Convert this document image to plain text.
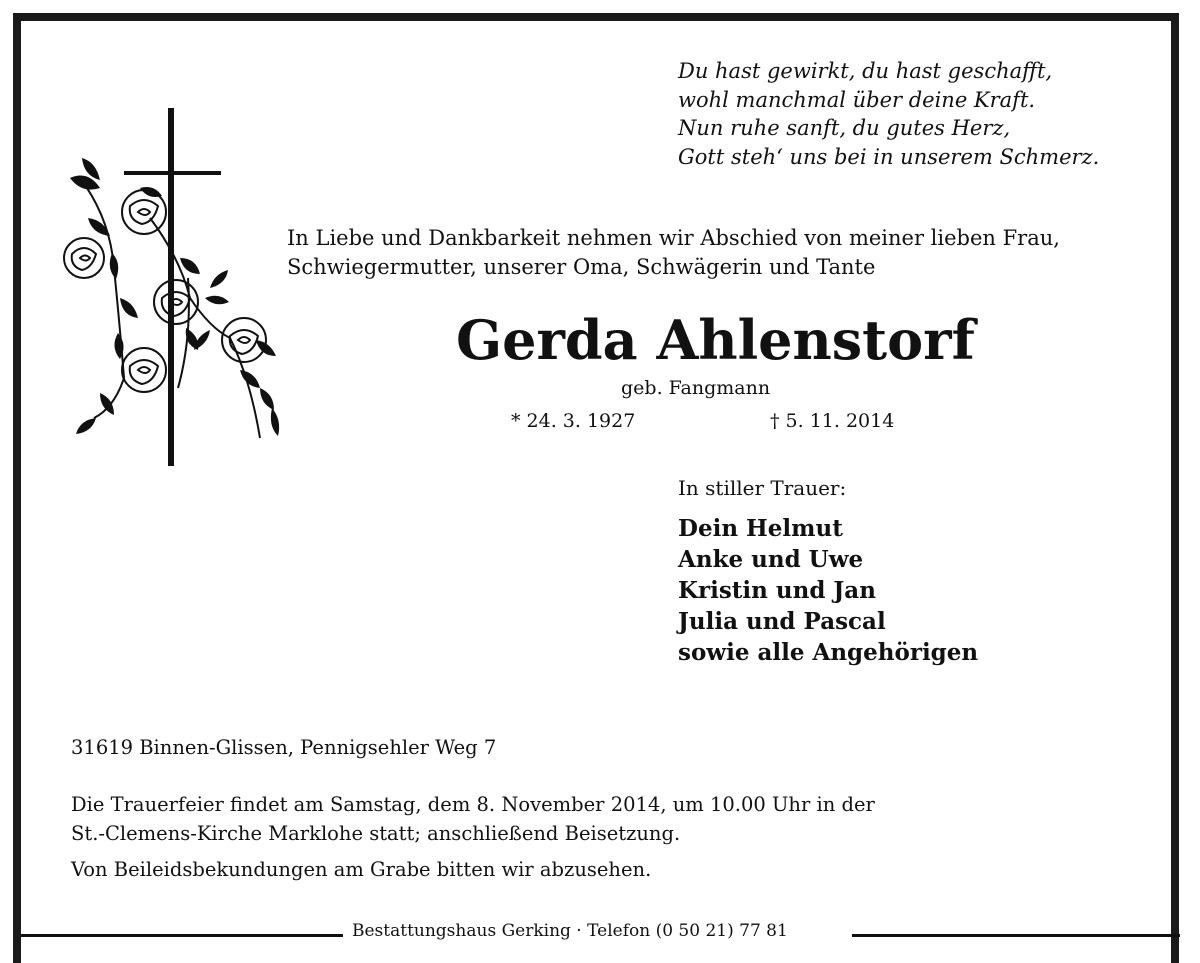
Du hast gewirkt, du hast geschafft,
wohl manchmal über deine Kraft.
Nun ruhe sanft, du gutes Herz,
Gott steh‘ uns bei in unserem Schmerz.
In Liebe und Dankbarkeit nehmen wir Abschied von meiner lieben Frau,
Schwiegermutter, unserer Oma, Schwägerin und Tante
Gerda Ahlenstorf
geb. Fangmann
* 24. 3. 1927	† 5. 11. 2014
In stiller Trauer:
Dein Helmut
Anke und Uwe
Kristin und Jan
Julia und Pascal
sowie alle Angehörigen
31619 Binnen-Glissen, Pennigsehler Weg 7
Die Trauerfeier findet am Samstag, dem 8. November 2014, um 10.00 Uhr in der
St.-Clemens-Kirche Marklohe statt; anschließend Beisetzung.
Von Beileidsbekundungen am Grabe bitten wir abzusehen.
Bestattungshaus Gerking · Telefon (0 50 21) 77 81
